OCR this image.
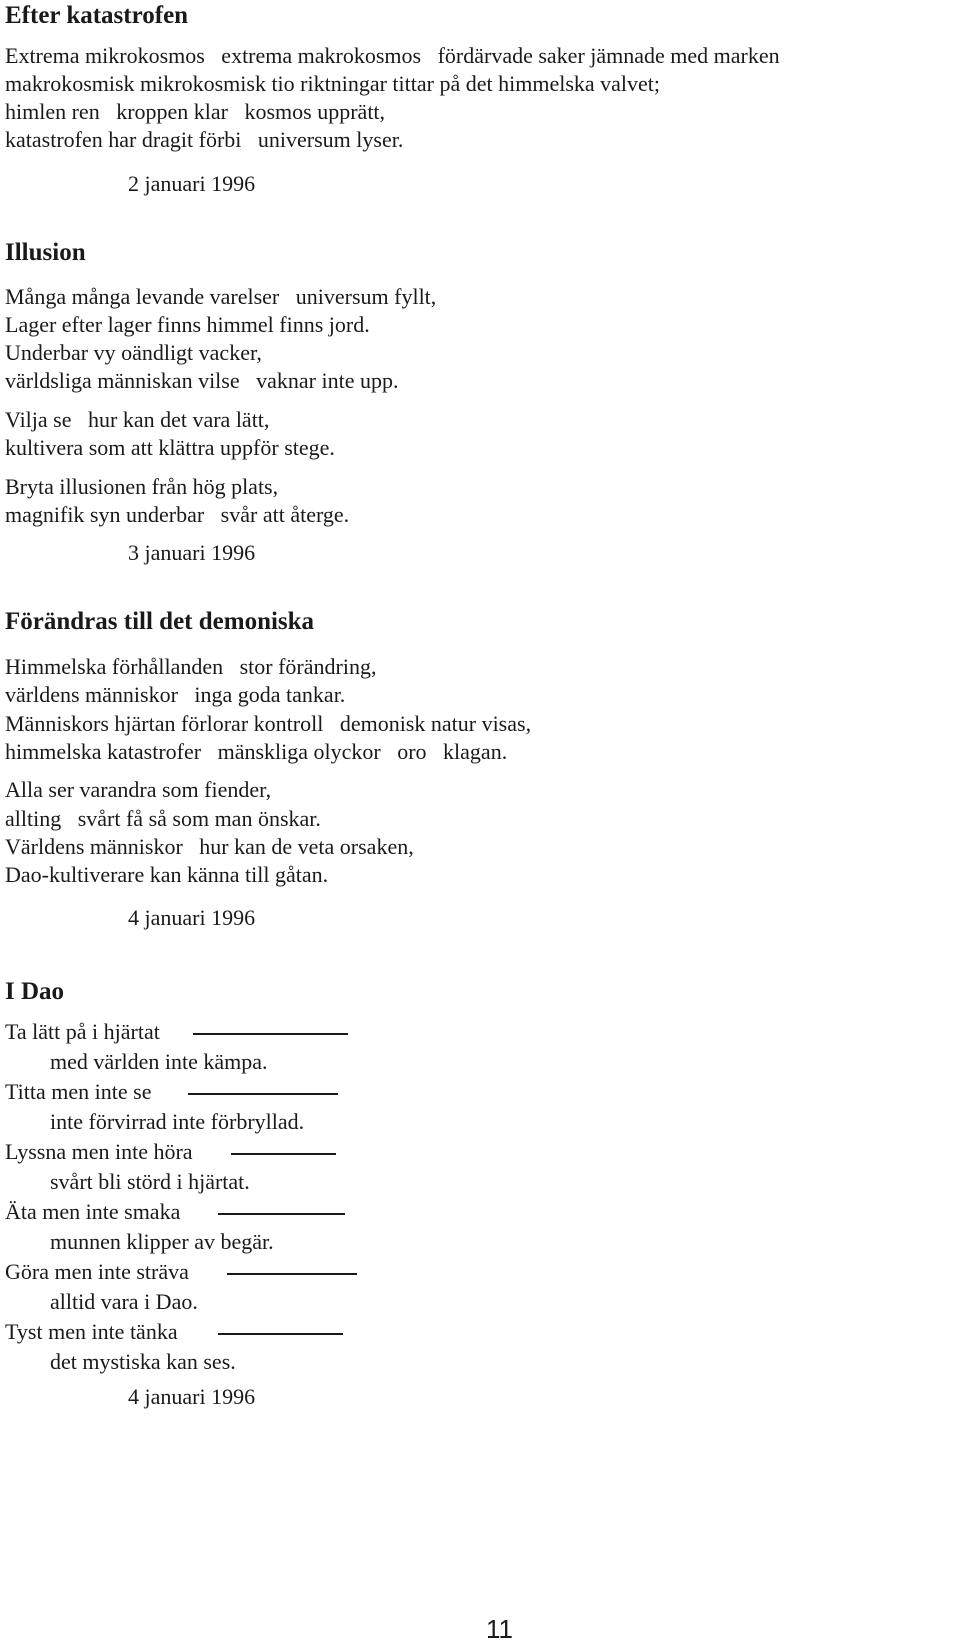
Efter katastrofen
Extrema mikrokosmos   extrema makrokosmos   fördärvade saker jämnade med marken
makrokosmisk mikrokosmisk tio riktningar tittar på det himmelska valvet;
himlen ren   kroppen klar   kosmos upprätt,
katastrofen har dragit förbi   universum lyser.
2 januari 1996
Illusion
Många många levande varelser   universum fyllt,
Lager efter lager finns himmel finns jord.
Underbar vy oändligt vacker,
världsliga människan vilse   vaknar inte upp.
Vilja se   hur kan det vara lätt,
kultivera som att klättra uppför stege.
Bryta illusionen från hög plats,
magnifik syn underbar   svår att återge.
3 januari 1996
Förändras till det demoniska
Himmelska förhållanden   stor förändring,
världens människor   inga goda tankar.
Människors hjärtan förlorar kontroll   demonisk natur visas,
himmelska katastrofer   mänskliga olyckor   oro   klagan.
Alla ser varandra som fiender,
allting   svårt få så som man önskar.
Världens människor   hur kan de veta orsaken,
Dao-kultiverare kan känna till gåtan.
4 januari 1996
I Dao
Ta lätt på i hjärtat
med världen inte kämpa.
Titta men inte se
inte förvirrad inte förbryllad.
Lyssna men inte höra
svårt bli störd i hjärtat.
Äta men inte smaka
munnen klipper av begär.
Göra men inte sträva
alltid vara i Dao.
Tyst men inte tänka
det mystiska kan ses.
4 januari 1996
11
